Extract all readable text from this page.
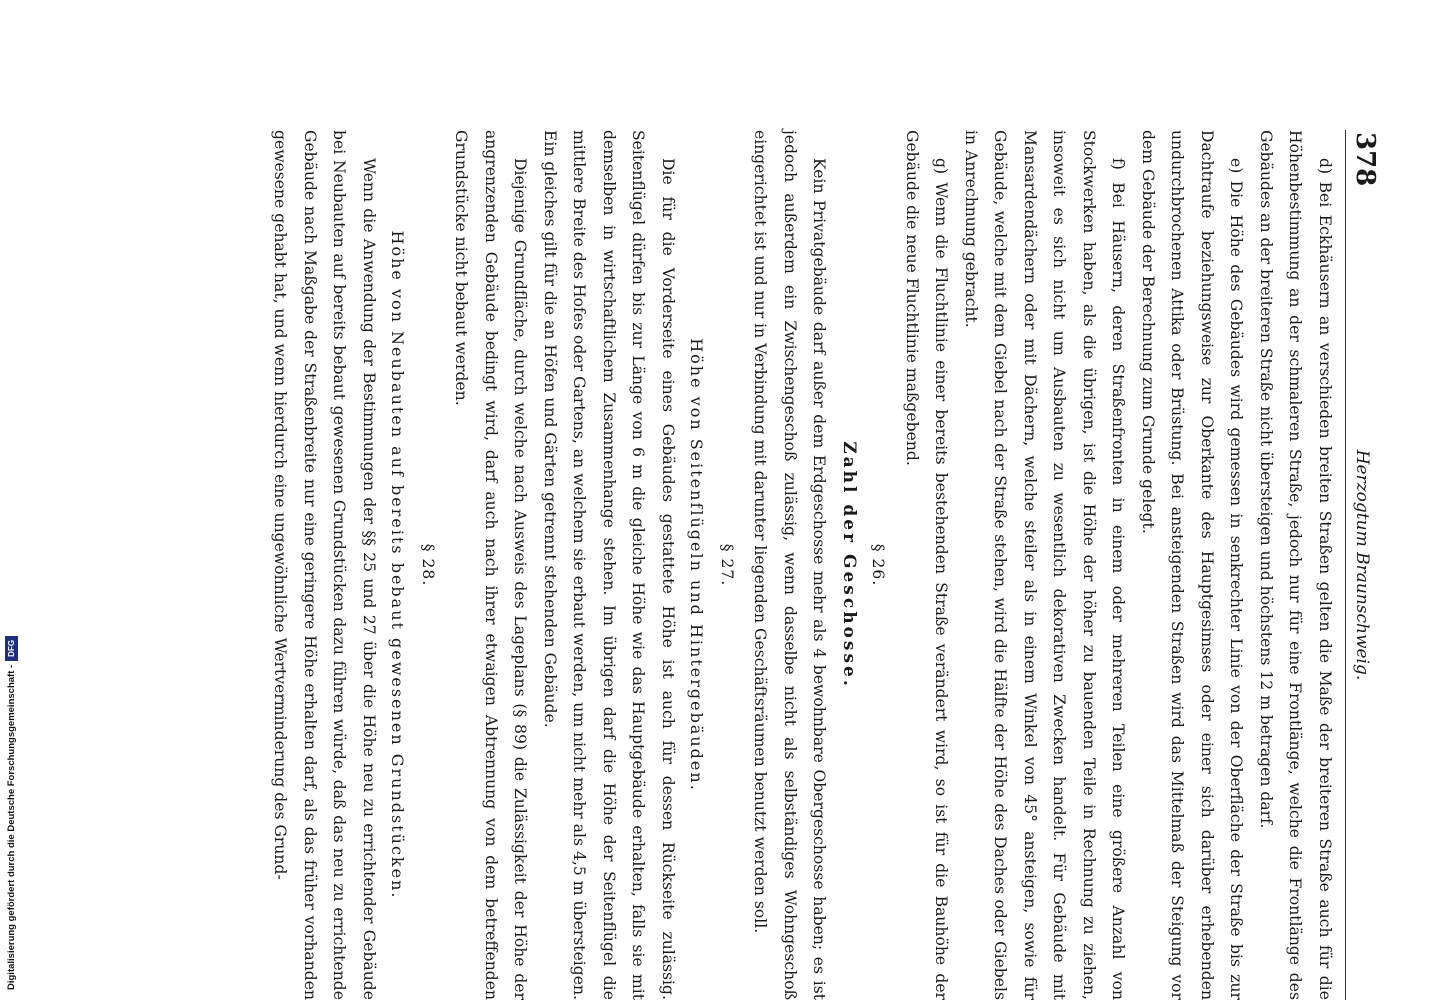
378
Herzogtum Braunschweig.

d) Bei Eckhäusern an verschieden breiten Straßen gelten die Maße der breiteren Straße auch für die Höhenbestimmung an der schmaleren Straße, jedoch nur für eine Frontlänge, welche die Frontlänge des Gebäudes an der breiteren Straße nicht übersteigen und höchstens 12 m betragen darf.

e) Die Höhe des Gebäudes wird gemessen in senkrechter Linie von der Oberfläche der Straße bis zur Dachtraufe beziehungsweise zur Oberkante des Hauptgesimses oder einer sich darüber erhebenden undurchbrochenen Attika oder Brüstung. Bei ansteigenden Straßen wird das Mittelmaß der Steigung vor dem Gebäude der Berechnung zum Grunde gelegt.

f) Bei Häusern, deren Straßenfronten in einem oder mehreren Teilen eine größere Anzahl von Stockwerken haben, als die übrigen, ist die Höhe der höher zu bauenden Teile in Rechnung zu ziehen, insoweit es sich nicht um Ausbauten zu wesentlich dekorativen Zwecken handelt. Für Gebäude mit Mansardendächern oder mit Dächern, welche steiler als in einem Winkel von 45° ansteigen, sowie für Gebäude, welche mit dem Giebel nach der Straße stehen, wird die Hälfte der Höhe des Daches oder Giebels in Anrechnung gebracht.

g) Wenn die Fluchtlinie einer bereits bestehenden Straße verändert wird, so ist für die Bauhöhe der Gebäude die neue Fluchtlinie maßgebend.

§ 26.

Zahl der Geschosse.

Kein Privatgebäude darf außer dem Erdgeschosse mehr als 4 bewohnbare Obergeschosse haben; es ist jedoch außerdem ein Zwischengeschoß zulässig, wenn dasselbe nicht als selbständiges Wohngeschoß eingerichtet ist und nur in Verbindung mit darunter liegenden Geschäftsräumen benutzt werden soll.

§ 27.

Höhe von Seitenflügeln und Hintergebäuden.

Die für die Vorderseite eines Gebäudes gestattete Höhe ist auch für dessen Rückseite zulässig. Seitenflügel dürfen bis zur Länge von 6 m die gleiche Höhe wie das Hauptgebäude erhalten, falls sie mit demselben in wirtschaftlichem Zusammenhange stehen. Im übrigen darf die Höhe der Seitenflügel die mittlere Breite des Hofes oder Gartens, an welchem sie erbaut werden, um nicht mehr als 4,5 m übersteigen. Ein gleiches gilt für die an Höfen und Gärten getrennt stehenden Gebäude.

Diejenige Grundfläche, durch welche nach Ausweis des Lageplans (§ 89) die Zulässigkeit der Höhe der angrenzenden Gebäude bedingt wird, darf auch nach ihrer etwaigen Abtrennung von dem betreffenden Grundstücke nicht bebaut werden.

§ 28.

Höhe von Neubauten auf bereits bebaut gewesenen Grundstücken.

Wenn die Anwendung der Bestimmungen der §§ 25 und 27 über die Höhe neu zu errichtender Gebäude bei Neubauten auf bereits bebaut gewesenen Grundstücken dazu führen würde, daß das neu zu errichtende Gebäude nach Maßgabe der Straßenbreite nur eine geringere Höhe erhalten darf, als das früher vorhanden gewesene gehabt hat, und wenn hierdurch eine ungewöhnliche Wertverminderung des Grund-

Digitalisierung gefördert durch die Deutsche Forschungsgemeinschaft -
DFG
